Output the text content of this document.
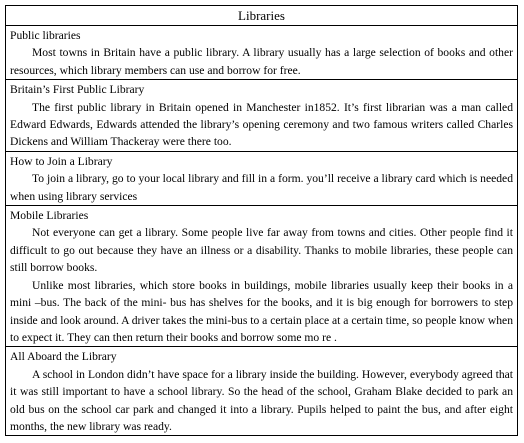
Libraries

Public libraries

Most towns in Britain have a public library. A library usually has a large selection of books and other resources, which library members can use and borrow for free.

Britain’s First Public Library

The first public library in Britain opened in Manchester in1852. It’s first librarian was a man called Edward Edwards, Edwards attended the library’s opening ceremony and two famous writers called Charles Dickens and William Thackeray were there too.

How to Join a Library

To join a library, go to your local library and fill in a form. you’ll receive a library card which is needed when using library services

Mobile Libraries

Not everyone can get a library. Some people live far away from towns and cities. Other people find it difficult to go out because they have an illness or a disability. Thanks to mobile libraries, these people can still borrow books.

Unlike most libraries, which store books in buildings, mobile libraries usually keep their books in a mini –bus. The back of the mini- bus has shelves for the books, and it is big enough for borrowers to step inside and look around. A driver takes the mini-bus to a certain place at a certain time, so people know when to expect it. They can then return their books and borrow some mo re .

All Aboard the Library

A school in London didn’t have space for a library inside the building. However, everybody agreed that it was still important to have a school library. So the head of the school, Graham Blake decided to park an old bus on the school car park and changed it into a library. Pupils helped to paint the bus, and after eight months, the new library was ready.
